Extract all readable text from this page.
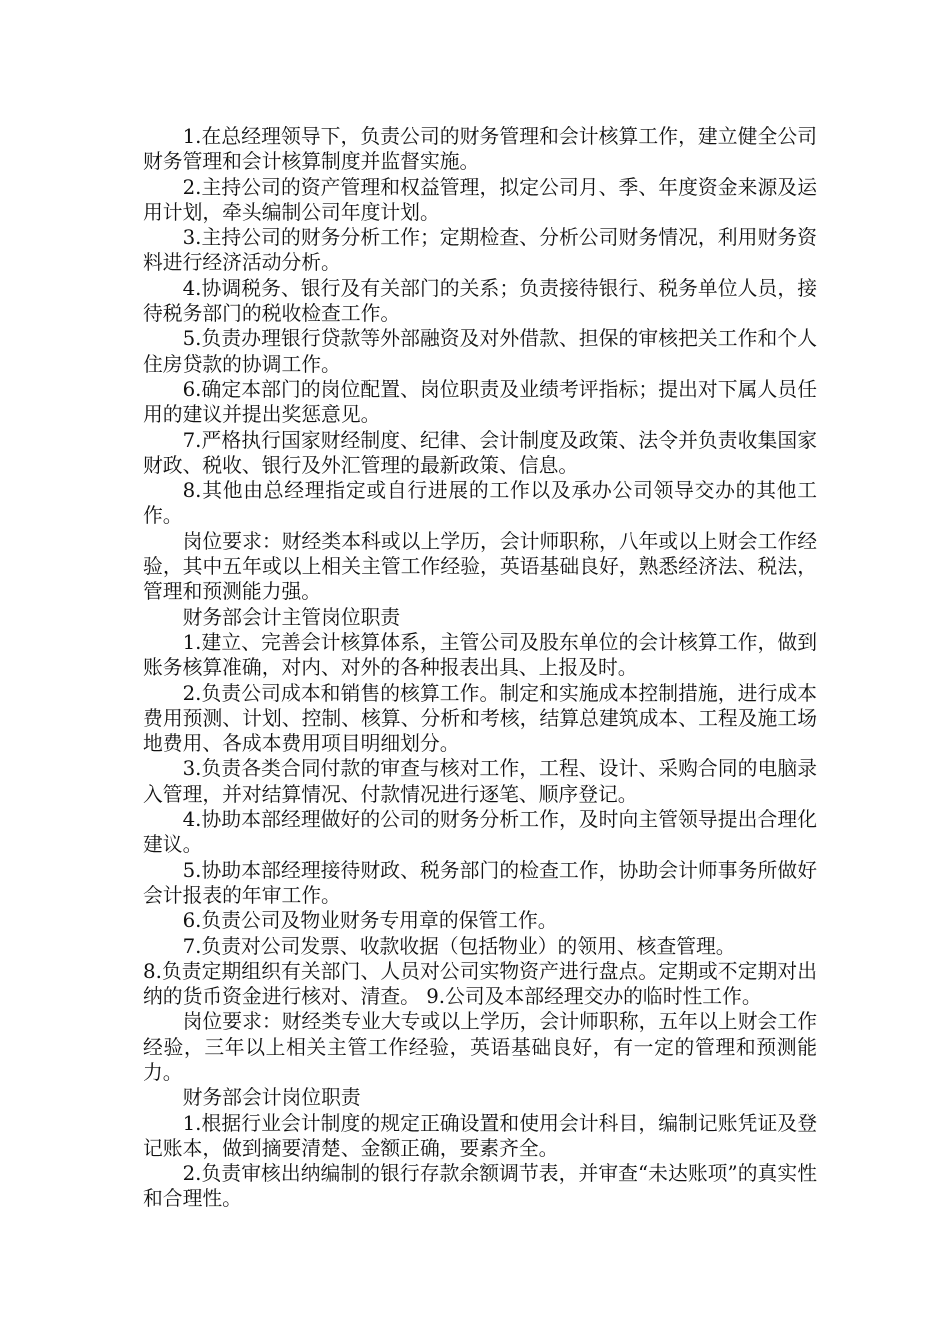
1.在总经理领导下，负责公司的财务管理和会计核算工作，建立健全公司财务管理和会计核算制度并监督实施。

2.主持公司的资产管理和权益管理，拟定公司月、季、年度资金来源及运用计划，牵头编制公司年度计划。

3.主持公司的财务分析工作；定期检查、分析公司财务情况，利用财务资料进行经济活动分析。

4.协调税务、银行及有关部门的关系；负责接待银行、税务单位人员，接待税务部门的税收检查工作。

5.负责办理银行贷款等外部融资及对外借款、担保的审核把关工作和个人住房贷款的协调工作。

6.确定本部门的岗位配置、岗位职责及业绩考评指标；提出对下属人员任用的建议并提出奖惩意见。

7.严格执行国家财经制度、纪律、会计制度及政策、法令并负责收集国家财政、税收、银行及外汇管理的最新政策、信息。

8.其他由总经理指定或自行进展的工作以及承办公司领导交办的其他工作。

岗位要求：财经类本科或以上学历，会计师职称，八年或以上财会工作经验，其中五年或以上相关主管工作经验，英语基础良好，熟悉经济法、税法，管理和预测能力强。

财务部会计主管岗位职责

1.建立、完善会计核算体系，主管公司及股东单位的会计核算工作，做到账务核算准确，对内、对外的各种报表出具、上报及时。

2.负责公司成本和销售的核算工作。制定和实施成本控制措施，进行成本费用预测、计划、控制、核算、分析和考核，结算总建筑成本、工程及施工场地费用、各成本费用项目明细划分。

3.负责各类合同付款的审查与核对工作，工程、设计、采购合同的电脑录入管理，并对结算情况、付款情况进行逐笔、顺序登记。

4.协助本部经理做好的公司的财务分析工作，及时向主管领导提出合理化建议。

5.协助本部经理接待财政、税务部门的检查工作，协助会计师事务所做好会计报表的年审工作。

6.负责公司及物业财务专用章的保管工作。

7.负责对公司发票、收款收据（包括物业）的领用、核查管理。

8.负责定期组织有关部门、人员对公司实物资产进行盘点。定期或不定期对出纳的货币资金进行核对、清查。 9.公司及本部经理交办的临时性工作。

岗位要求：财经类专业大专或以上学历，会计师职称，五年以上财会工作经验，三年以上相关主管工作经验，英语基础良好，有一定的管理和预测能力。

财务部会计岗位职责

1.根据行业会计制度的规定正确设置和使用会计科目，编制记账凭证及登记账本，做到摘要清楚、金额正确，要素齐全。

2.负责审核出纳编制的银行存款余额调节表，并审查“未达账项”的真实性和合理性。
